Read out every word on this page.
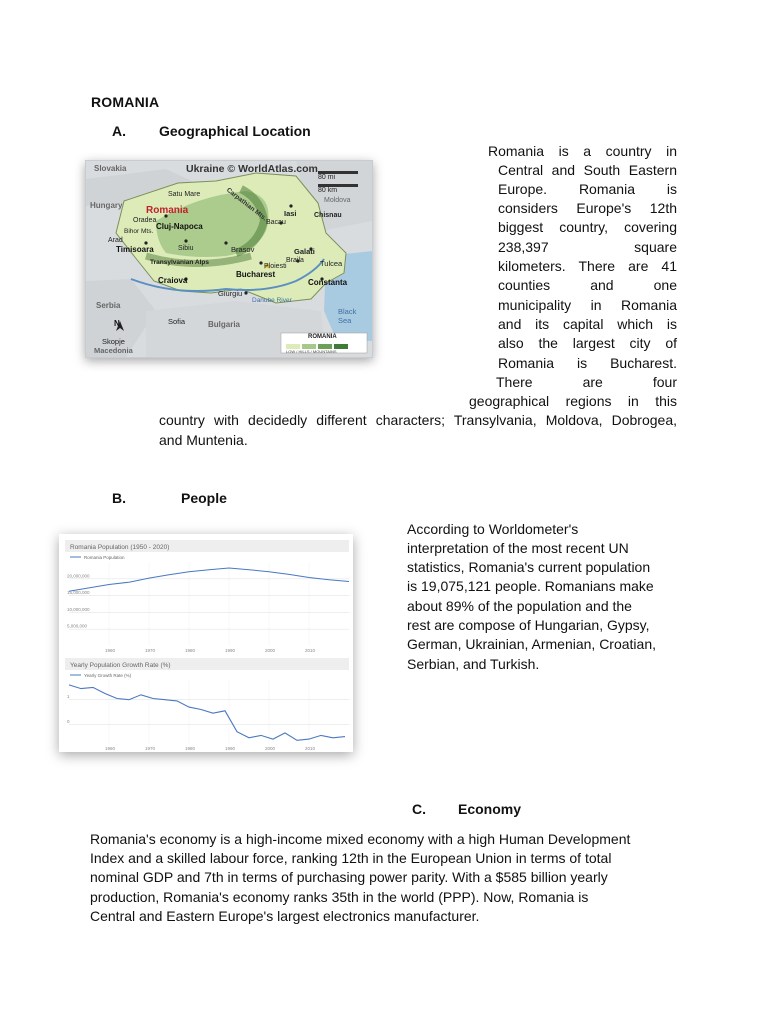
ROMANIA
A. Geographical Location
Ukraine © WorldAtlas.com
80 mi
80 km
Slovakia
Hungary
Moldova
Chisnau
Satu Mare
Romania
Oradea
Cluj-Napoca
Bihor Mts.
Arad
Timisoara	Sibiu	Brasov
Iasi
Bacau
Galati
Braila Tulcea
Ploiesti
Bucharest
Constanta
Craiova
Giurgiu
Danube River
Transylvanian Alps
Carpathian Mts.
Serbia
Bulgaria
Sofia
Black Sea
Skopje
Macedonia
N
ROMANIA
LOW / HILLS / MOUNTAINS
Romania is a country in
Central and South Eastern
Europe. Romania is
considers Europe's 12th
biggest country, covering
238,397 square
kilometers. There are 41
counties and one
municipality in Romania
and its capital which is
also the largest city of
Romania is Bucharest.
There are four
geographical regions in this
country with decidedly different characters; Transylvania, Moldova, Dobrogea,
and Muntenia.
B.	People
Romania Population (1950 - 2020)
Romania Population
20,000,000
15,000,000
10,000,000
5,000,000
1960	1970	1980	1990	2000	2010
Yearly Population Growth Rate (%)
Yearly Growth Rate (%)
1
0
1960	1970	1980	1990	2000	2010
According to Worldometer's
interpretation of the most recent UN
statistics, Romania's current population
is 19,075,121 people. Romanians make
about 89% of the population and the
rest are compose of Hungarian, Gypsy,
German, Ukrainian, Armenian, Croatian,
Serbian, and Turkish.
C. Economy
Romania's economy is a high-income mixed economy with a high Human Development
Index and a skilled labour force, ranking 12th in the European Union in terms of total
nominal GDP and 7th in terms of purchasing power parity. With a $585 billion yearly
production, Romania's economy ranks 35th in the world (PPP). Now, Romania is
Central and Eastern Europe's largest electronics manufacturer.
